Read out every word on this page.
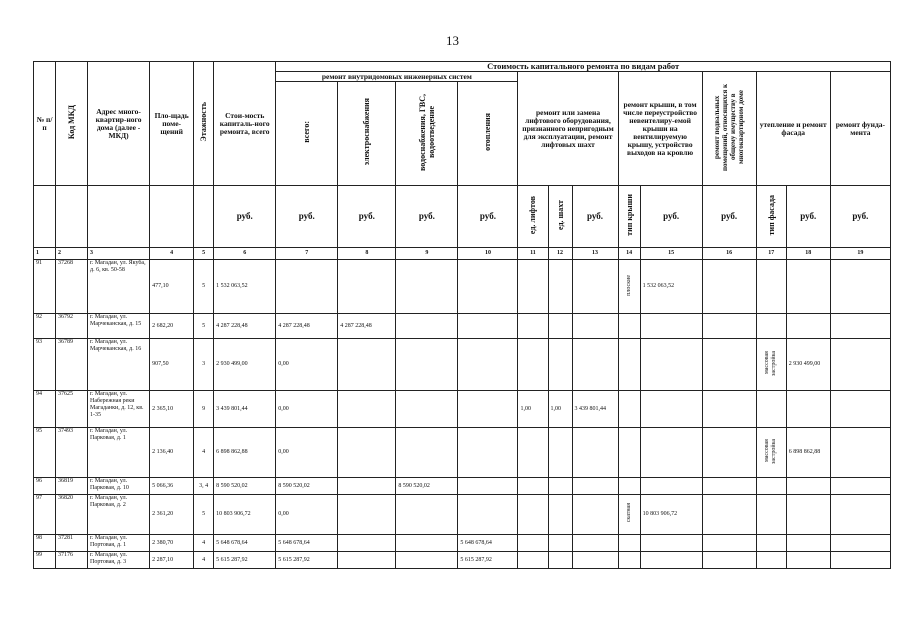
13
№ п/п	Код МКД	Адрес много-квартир-ного дома (далее - МКД)	Пло-щадь поме-щений	Этажность	Стои-мость капиталь-ного ремонта, всего	Стоимость капитального ремонта по видам работ												
						ремонт внутридомовых инженерных систем				ремонт или замена лифтового оборудования, признанного непригодным для эксплуатации, ремонт лифтовых шахт			ремонт крыши, в том числе переустройство невентелиру-емой крыши на вентилируемую крышу, устройство выходов на кровлю		ремонт подвальных помещений, относящихся к общему имуществу в многоквартирном доме	утепление и ремонт фасада		ремонт фунда-мента
						всего:	электроснабжения	водоснабжения, ГВС, водоотведение	отопления									
					руб.	руб.	руб.	руб.	руб.	ед. лифтов	ед. шахт	руб.	тип крыши	руб.	руб.	тип фасада	руб.	руб.
1	2	3	4	5	6	7	8	9	10	11	12	13	14	15	16	17	18	19
91	37268	г. Магадан, ул. Якуба, д. 6, кв. 50-58	477,10	5	1 532 063,52								плоские	1 532 063,52				
92	36792	г. Магадан, ул. Марчеканская, д. 15	2 682,20	5	4 287 228,48	4 287 228,48	4 287 228,48											
93	36789	г. Магадан, ул. Марчеканская, д. 16	907,50	3	2 930 499,00	0,00										массовая застройка	2 930 499,00	
94	37625	г. Магадан, ул. Набережная реки Магаданки, д. 12, кв. 1-35	2 365,10	9	3 439 801,44	0,00				1,00	1,00	3 439 801,44						
95	37493	г. Магадан, ул. Парковая, д. 1	2 136,40	4	6 898 862,88	0,00										массовая застройка	6 898 862,88	
96	36819	г. Магадан, ул. Парковая, д. 10	5 066,36	3, 4	8 590 520,02	8 590 520,02		8 590 520,02										
97	36820	г. Магадан, ул. Парковая, д. 2	2 361,20	5	10 803 906,72	0,00							скатная	10 803 906,72				
98	37281	г. Магадан, ул. Портовая, д. 1	2 380,70	4	5 648 678,64	5 648 678,64			5 648 678,64									
99	37176	г. Магадан, ул. Портовая, д. 3	2 287,10	4	5 615 287,92	5 615 287,92			5 615 287,92									
